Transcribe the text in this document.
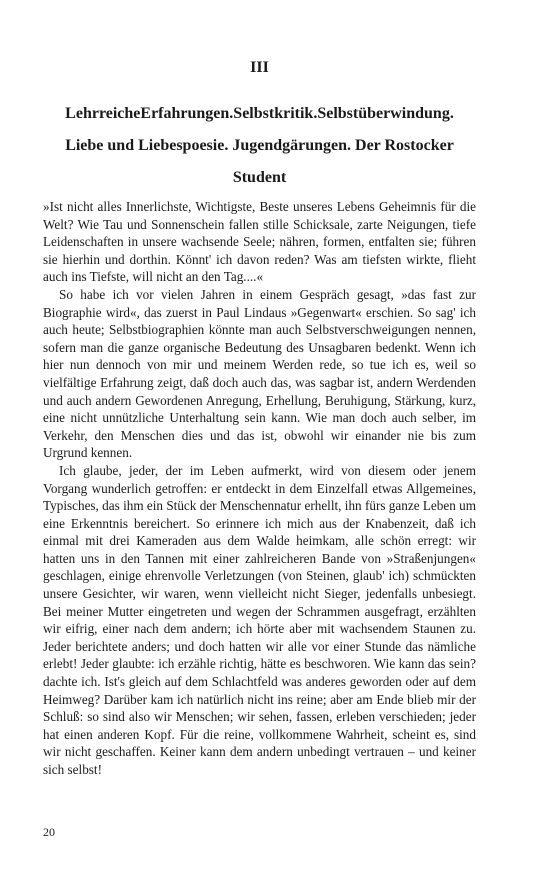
III
LehrreicheErfahrungen.Selbstkritik.Selbstüberwindung.
Liebe und Liebespoesie. Jugendgärungen. Der Rostocker
Student

»Ist nicht alles Innerlichste, Wichtigste, Beste unseres Lebens Geheimnis für die Welt? Wie Tau und Sonnenschein fallen stille Schicksale, zarte Neigungen, tiefe Leidenschaften in unsere wachsende Seele; nähren, formen, entfalten sie; führen sie hierhin und dorthin. Könnt' ich davon reden? Was am tiefsten wirkte, flieht auch ins Tiefste, will nicht an den Tag....«

So habe ich vor vielen Jahren in einem Gespräch gesagt, »das fast zur Biographie wird«, das zuerst in Paul Lindaus »Gegenwart« erschien. So sag' ich auch heute; Selbstbiographien könnte man auch Selbstverschweigungen nennen, sofern man die ganze organische Bedeutung des Unsagbaren bedenkt. Wenn ich hier nun dennoch von mir und meinem Werden rede, so tue ich es, weil so vielfältige Erfahrung zeigt, daß doch auch das, was sagbar ist, andern Werdenden und auch andern Gewordenen Anregung, Erhellung, Beruhigung, Stärkung, kurz, eine nicht unnützliche Unterhaltung sein kann. Wie man doch auch selber, im Verkehr, den Menschen dies und das ist, obwohl wir einander nie bis zum Urgrund kennen.

Ich glaube, jeder, der im Leben aufmerkt, wird von diesem oder jenem Vorgang wunderlich getroffen: er entdeckt in dem Einzelfall etwas Allgemeines, Typisches, das ihm ein Stück der Menschennatur erhellt, ihn fürs ganze Leben um eine Erkenntnis bereichert. So erinnere ich mich aus der Knabenzeit, daß ich einmal mit drei Kameraden aus dem Walde heimkam, alle schön erregt: wir hatten uns in den Tannen mit einer zahlreicheren Bande von »Straßenjungen« geschlagen, einige ehrenvolle Verletzungen (von Steinen, glaub' ich) schmückten unsere Gesichter, wir waren, wenn vielleicht nicht Sieger, jedenfalls unbesiegt. Bei meiner Mutter eingetreten und wegen der Schrammen ausgefragt, erzählten wir eifrig, einer nach dem andern; ich hörte aber mit wachsendem Staunen zu. Jeder berichtete anders; und doch hatten wir alle vor einer Stunde das nämliche erlebt! Jeder glaubte: ich erzähle richtig, hätte es beschworen. Wie kann das sein? dachte ich. Ist's gleich auf dem Schlachtfeld was anderes geworden oder auf dem Heimweg? Darüber kam ich natürlich nicht ins reine; aber am Ende blieb mir der Schluß: so sind also wir Menschen; wir sehen, fassen, erleben verschieden; jeder hat einen anderen Kopf. Für die reine, vollkommene Wahrheit, scheint es, sind wir nicht geschaffen. Keiner kann dem andern unbedingt vertrauen – und keiner sich selbst!

20
